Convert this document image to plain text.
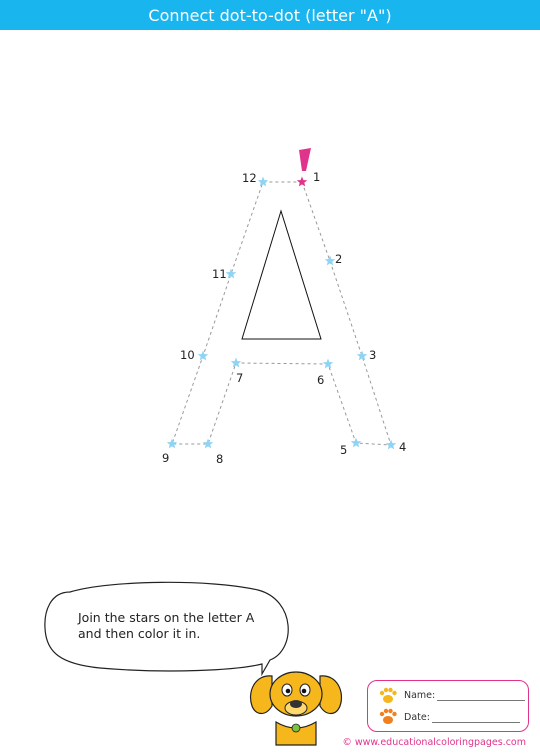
Connect dot-to-dot (letter "A")
1
2
3
4
5
6
7
8
9
10
11
12
Join the stars on the letter A and then color it in.
Name:
Date:
© www.educationalcoloringpages.com
